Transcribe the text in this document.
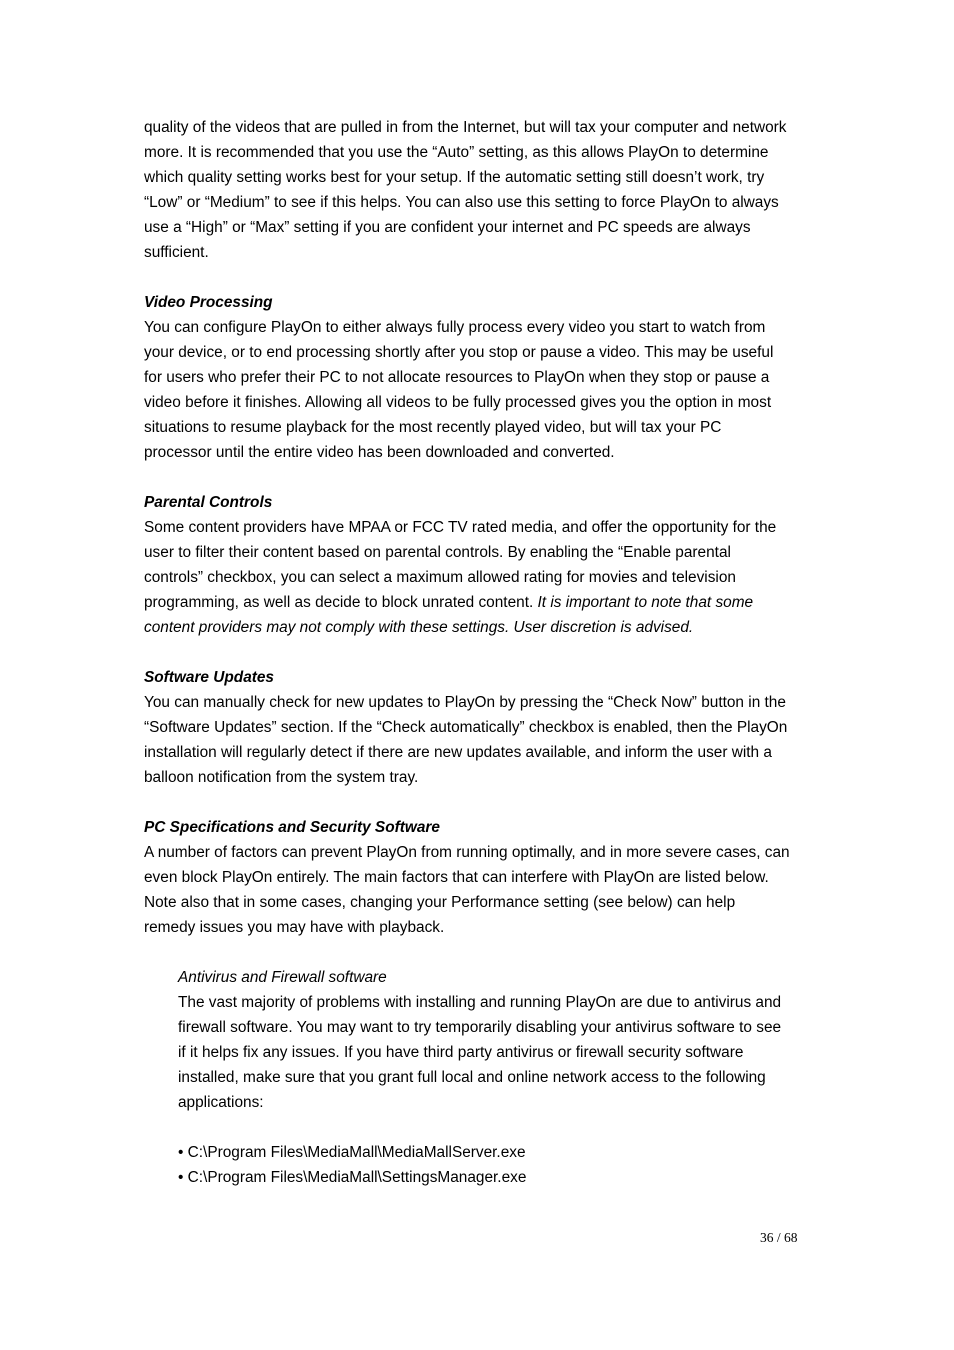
quality of the videos that are pulled in from the Internet, but will tax your computer and network
more. It is recommended that you use the “Auto” setting, as this allows PlayOn to determine
which quality setting works best for your setup. If the automatic setting still doesn’t work, try
“Low” or “Medium” to see if this helps. You can also use this setting to force PlayOn to always
use a “High” or “Max” setting if you are confident your internet and PC speeds are always
sufficient.
Video Processing
You can configure PlayOn to either always fully process every video you start to watch from
your device, or to end processing shortly after you stop or pause a video. This may be useful
for users who prefer their PC to not allocate resources to PlayOn when they stop or pause a
video before it finishes. Allowing all videos to be fully processed gives you the option in most
situations to resume playback for the most recently played video, but will tax your PC
processor until the entire video has been downloaded and converted.
Parental Controls
Some content providers have MPAA or FCC TV rated media, and offer the opportunity for the
user to filter their content based on parental controls. By enabling the “Enable parental
controls” checkbox, you can select a maximum allowed rating for movies and television
programming, as well as decide to block unrated content. It is important to note that some
content providers may not comply with these settings. User discretion is advised.
Software Updates
You can manually check for new updates to PlayOn by pressing the “Check Now” button in the
“Software Updates” section. If the “Check automatically” checkbox is enabled, then the PlayOn
installation will regularly detect if there are new updates available, and inform the user with a
balloon notification from the system tray.
PC Specifications and Security Software
A number of factors can prevent PlayOn from running optimally, and in more severe cases, can
even block PlayOn entirely. The main factors that can interfere with PlayOn are listed below.
Note also that in some cases, changing your Performance setting (see below) can help
remedy issues you may have with playback.
Antivirus and Firewall software
The vast majority of problems with installing and running PlayOn are due to antivirus and
firewall software. You may want to try temporarily disabling your antivirus software to see
if it helps fix any issues. If you have third party antivirus or firewall security software
installed, make sure that you grant full local and online network access to the following
applications:
• C:\Program Files\MediaMall\MediaMallServer.exe
• C:\Program Files\MediaMall\SettingsManager.exe
36 / 68
